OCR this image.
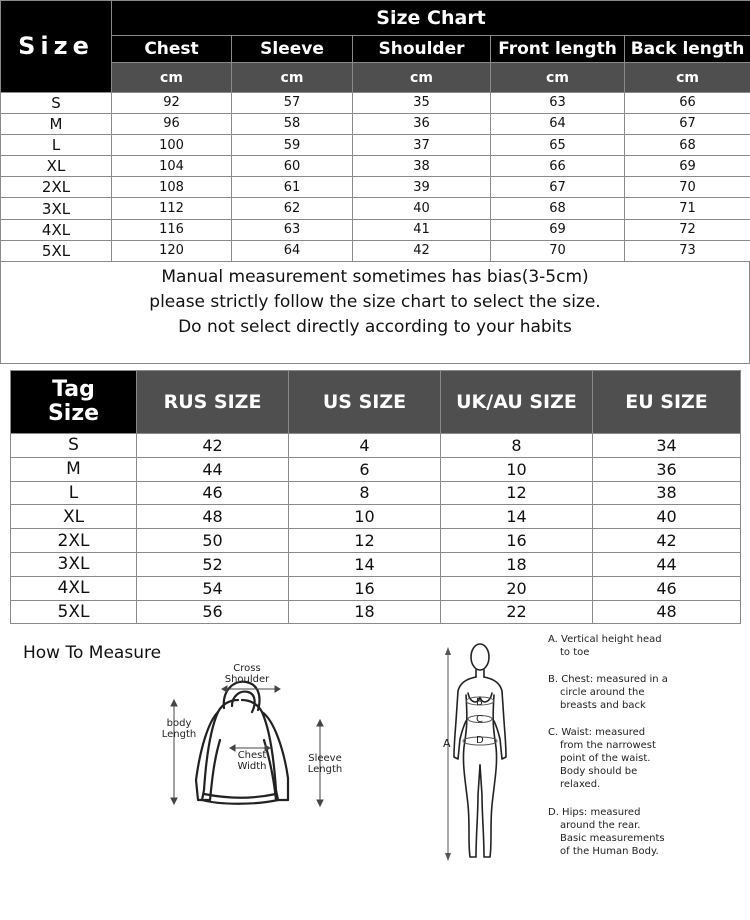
Size	Size Chart				
	Chest	Sleeve	Shoulder	Front length	Back length
	cm	cm	cm	cm	cm
S	92	57	35	63	66
M	96	58	36	64	67
L	100	59	37	65	68
XL	104	60	38	66	69
2XL	108	61	39	67	70
3XL	112	62	40	68	71
4XL	116	63	41	69	72
5XL	120	64	42	70	73

Manual measurement sometimes has bias(3-5cm)

please strictly follow the size chart to select the size.

Do not select directly according to your habits

Tag
Size	RUS SIZE	US SIZE	UK/AU SIZE	EU SIZE
S	42	4	8	34
M	44	6	10	36
L	46	8	12	38
XL	48	10	14	40
2XL	50	12	16	42
3XL	52	14	18	44
4XL	54	16	20	46
5XL	56	18	22	48
How To Measure
Cross
Shoulder
body
Length
Chest
Width
Sleeve
Length
A
B
C
D
A. Vertical height head
to toe
B. Chest: measured in a
circle around the
breasts and back
C. Waist: measured
from the narrowest
point of the waist.
Body should be
relaxed.
D. Hips: measured
around the rear.
Basic measurements
of the Human Body.
